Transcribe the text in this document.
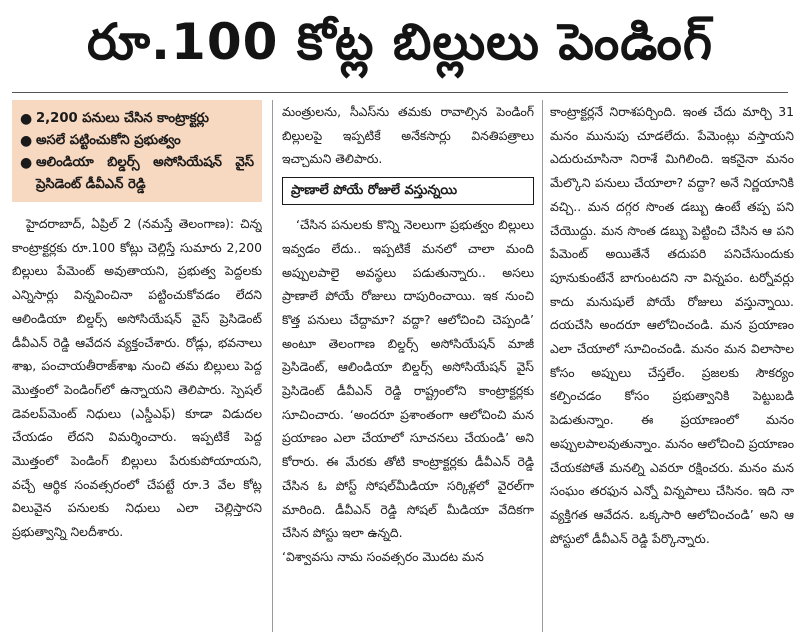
రూ.100 కోట్ల బిల్లులు పెండింగ్
● 2,200 పనులు చేసిన కాంట్రాక్టర్లు
● అసలే పట్టించుకోని ప్రభుత్వం
● ఆలిండియా బిల్డర్స్ అసోసియేషన్ వైస్ ప్రెసిడెంట్ డీవీఎన్ రెడ్డి

హైదరాబాద్, ఏప్రిల్ 2 (నమస్తే తెలంగాణ): చిన్న కాంట్రాక్టర్లకు రూ.100 కోట్లు చెల్లిస్తే సుమారు 2,200 బిల్లులు పేమెంట్ అవుతాయని, ప్రభుత్వ పెద్దలకు ఎన్నిసార్లు విన్నవించినా పట్టించుకోవడం లేదని ఆలిండియా బిల్డర్స్ అసోసియేషన్ వైస్ ప్రెసిడెంట్ డీవీఎన్ రెడ్డి ఆవేదన వ్యక్తంచేశారు. రోడ్లు, భవనాలు శాఖ, పంచాయతీరాజ్‌శాఖ నుంచి తమ బిల్లులు పెద్ద మొత్తంలో పెండింగ్‌లో ఉన్నాయని తెలిపారు. స్పెషల్ డెవలప్‌మెంట్ నిధులు (ఎస్డీఎఫ్) కూడా విడుదల చేయడం లేదని విమర్శించారు. ఇప్పటికే పెద్ద మొత్తంలో పెండింగ్ బిల్లులు పేరుకుపోయాయని, వచ్చే ఆర్థిక సంవత్సరంలో చేపట్టే రూ.3 వేల కోట్ల విలువైన పనులకు నిధులు ఎలా చెల్లిస్తారని ప్రభుత్వాన్ని నిలదీశారు.

మంత్రులను, సీఎస్‌ను తమకు రావాల్సిన పెండింగ్ బిల్లులపై ఇప్పటికే అనేకసార్లు వినతిపత్రాలు ఇచ్చామని తెలిపారు.

ప్రాణాలే పోయే రోజులే వస్తున్నయి

‘చేసిన పనులకు కొన్ని నెలలుగా ప్రభుత్వం బిల్లులు ఇవ్వడం లేదు.. ఇప్పటికే మనలో చాలా మంది అప్పులపాలై అవస్థలు పడుతున్నారు.. అసలు ప్రాణాలే పోయే రోజులు దాపురించాయి. ఇక నుంచి కొత్త పనులు చేద్దామా? వద్దా? ఆలోచించి చెప్పండి’ అంటూ తెలంగాణ బిల్డర్స్ అసోసియేషన్ మాజీ ప్రెసిడెంట్, ఆలిండియా బిల్డర్స్ అసోసియేషన్ వైస్ ప్రెసిడెంట్ డీవీఎన్ రెడ్డి రాష్ట్రంలోని కాంట్రాక్టర్లకు సూచించారు. ‘అందరూ ప్రశాంతంగా ఆలోచించి మన ప్రయాణం ఎలా చేయాలో సూచనలు చేయండి’ అని కోరారు. ఈ మేరకు తోటి కాంట్రాక్టర్లకు డీవీఎన్ రెడ్డి చేసిన ఓ పోస్ట్ సోషల్‌మీడియా సర్కిళ్లలో వైరల్‌గా మారింది. డీవీఎన్ రెడ్డి సోషల్ మీడియా వేదికగా చేసిన పోస్టు ఇలా ఉన్నది.

‘విశ్వావసు నామ సంవత్సరం మొదట మన

కాంట్రాక్టర్లనే నిరాశపర్చింది. ఇంత చేదు మార్చి 31 మనం మునుపు చూడలేదు. పేమెంట్లు వస్తాయని ఎదురుచూసినా నిరాశే మిగిలింది. ఇకనైనా మనం మేల్కొని పనులు చేయాలా? వద్దా? అనే నిర్ణయానికి వచ్చి.. మన దగ్గర సొంత డబ్బు ఉంటే తప్ప పని చేయొద్దు. మన సొంత డబ్బు పెట్టించి చేసిన ఆ పని పేమెంట్ అయితేనే తదుపరి పనిచేసుందుకు పూనుకుంటేనే బాగుంటదని నా విన్నపం. టర్నోవర్లు కాదు మనుషులే పోయే రోజులు వస్తున్నాయి. దయచేసి అందరూ ఆలోచించండి. మన ప్రయాణం ఎలా చేయాలో సూచించండి. మనం మన విలాసాల కోసం అప్పులు చేస్తలేం. ప్రజలకు సౌకర్యం కల్పించడం కోసం ప్రభుత్వానికి పెట్టుబడి పెడుతున్నాం. ఈ ప్రయాణంలో మనం అప్పులపాలవుతున్నాం. మనం ఆలోచించి ప్రయాణం చేయకపోతే మనల్ని ఎవరూ రక్షించరు. మనం మన సంఘం తరఫున ఎన్నో విన్నపాలు చేసినం. ఇది నా వ్యక్తిగత ఆవేదన. ఒక్కసారి ఆలోచించండి’ అని ఆ పోస్టులో డీవీఎన్ రెడ్డి పేర్కొన్నారు.
